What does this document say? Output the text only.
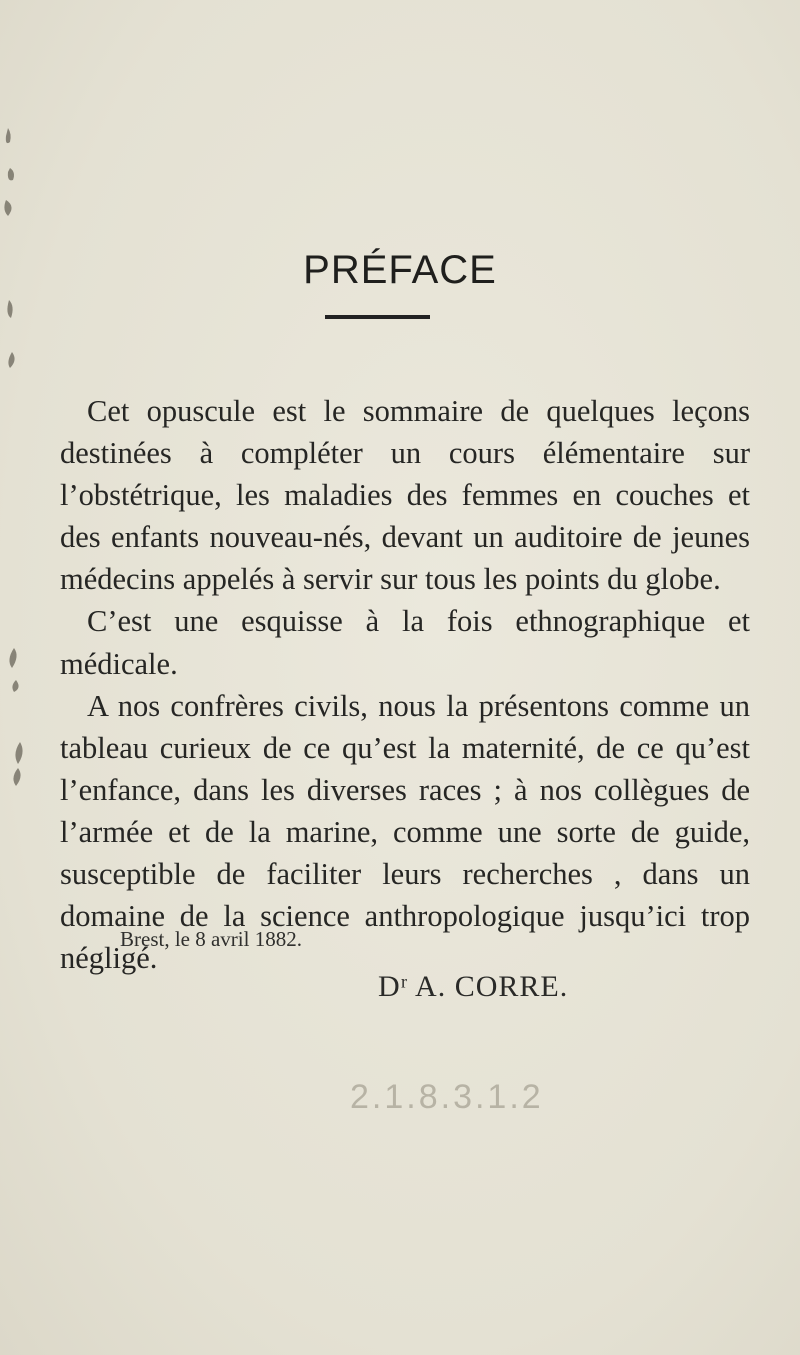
PRÉFACE

Cet opuscule est le sommaire de quelques leçons destinées à compléter un cours élémentaire sur l’obstétrique, les maladies des femmes en couches et des enfants nouveau-nés, devant un auditoire de jeunes médecins appelés à servir sur tous les points du globe.

C’est une esquisse à la fois ethnographique et médicale.

A nos confrères civils, nous la présentons comme un tableau curieux de ce qu’est la maternité, de ce qu’est l’enfance, dans les diverses races ; à nos collègues de l’armée et de la marine, comme une sorte de guide, susceptible de faciliter leurs recherches , dans un domaine de la science anthropologique jusqu’ici trop négligé.

Brest, le 8 avril 1882.
Dʳ A. CORRE.
2.1.8.3.1.2
